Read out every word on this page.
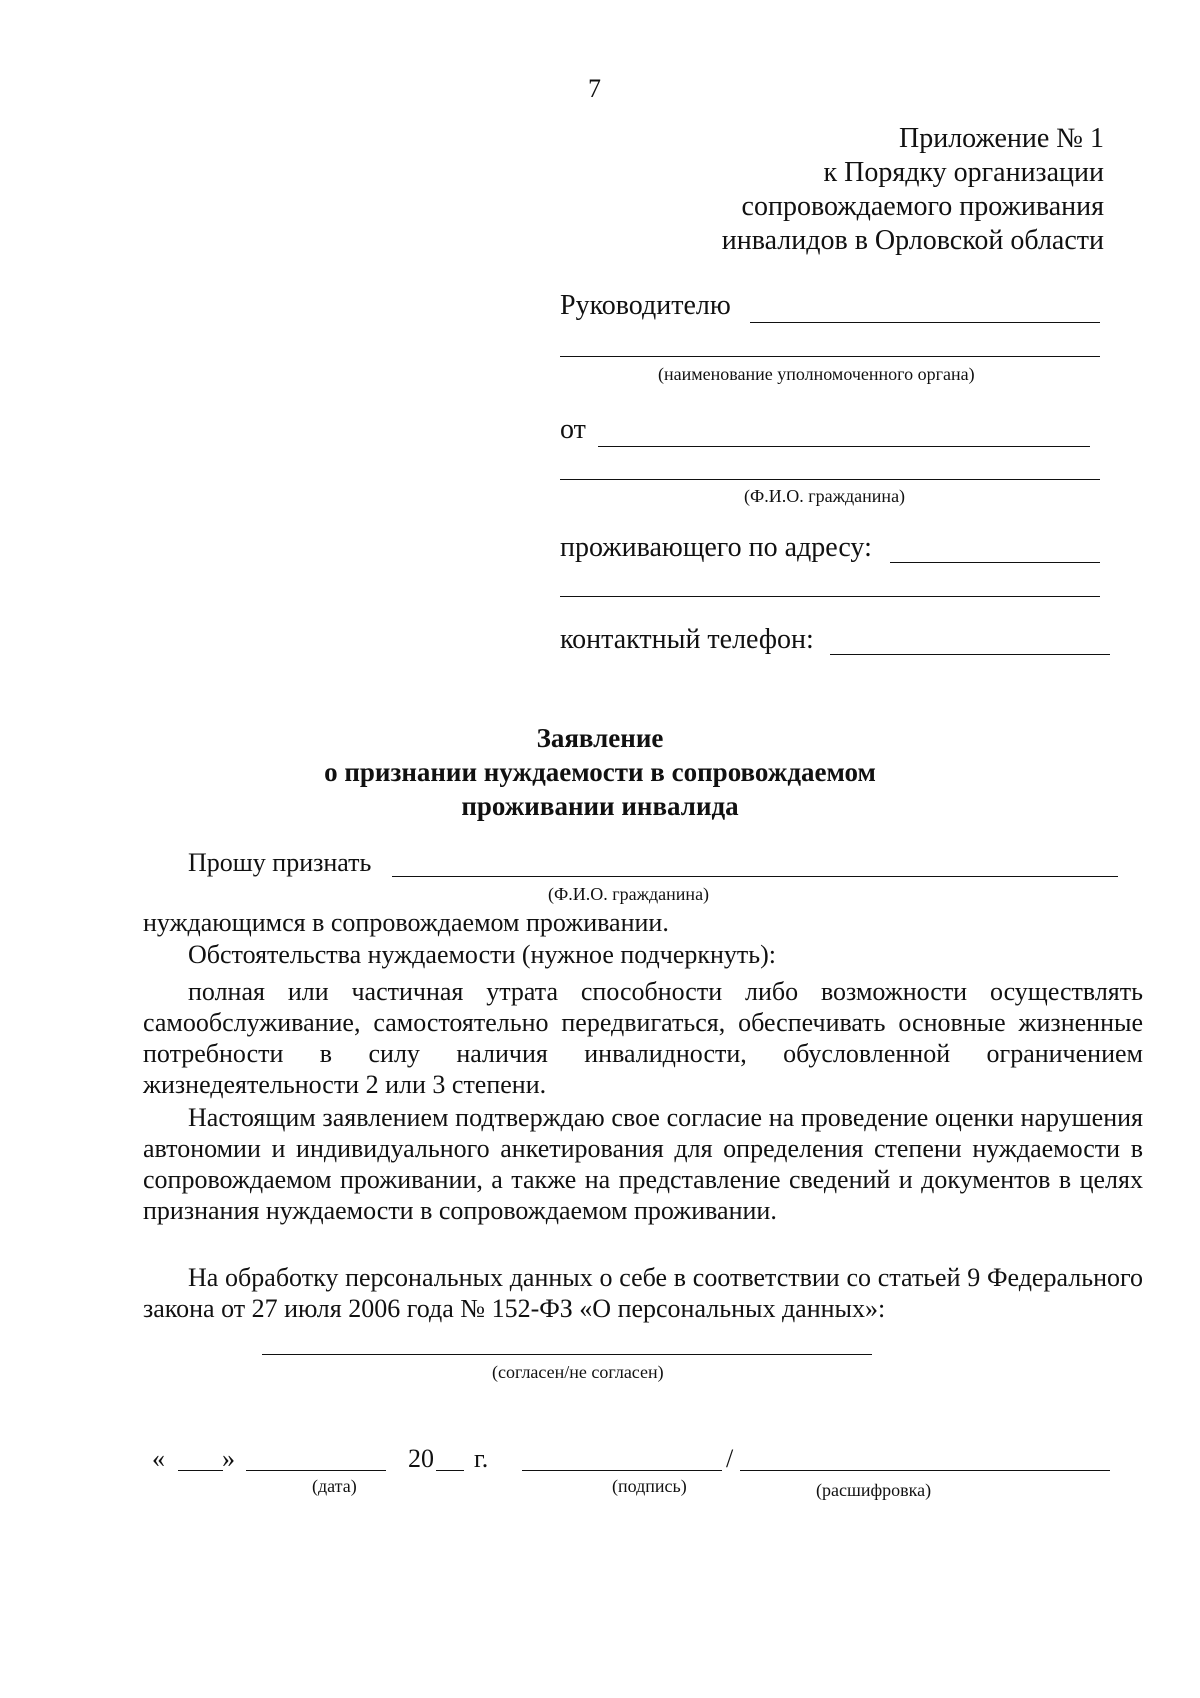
7
Приложение № 1
к Порядку организации
сопровождаемого проживания
инвалидов в Орловской области
Руководителю
(наименование уполномоченного органа)
от
(Ф.И.О. гражданина)
проживающего по адресу:
контактный телефон:
Заявление
о признании нуждаемости в сопровождаемом
проживании инвалида
Прошу признать
(Ф.И.О. гражданина)
нуждающимся в сопровождаемом проживании.
Обстоятельства нуждаемости (нужное подчеркнуть):

полная или частичная утрата способности либо возможности осуществлять самообслуживание, самостоятельно передвигаться, обеспечивать основные жизненные потребности в силу наличия инвалидности, обусловленной ограничением жизнедеятельности 2 или 3 степени.

Настоящим заявлением подтверждаю свое согласие на проведение оценки нарушения автономии и индивидуального анкетирования для определения степени нуждаемости в сопровождаемом проживании, а также на представление сведений и документов в целях признания нуждаемости в сопровождаемом проживании.

На обработку персональных данных о себе в соответствии со статьей 9 Федерального закона от 27 июля 2006 года № 152-ФЗ «О персональных данных»:

(согласен/не согласен)
« »	20 г.	/
(дата)	(подпись)	(расшифровка)
